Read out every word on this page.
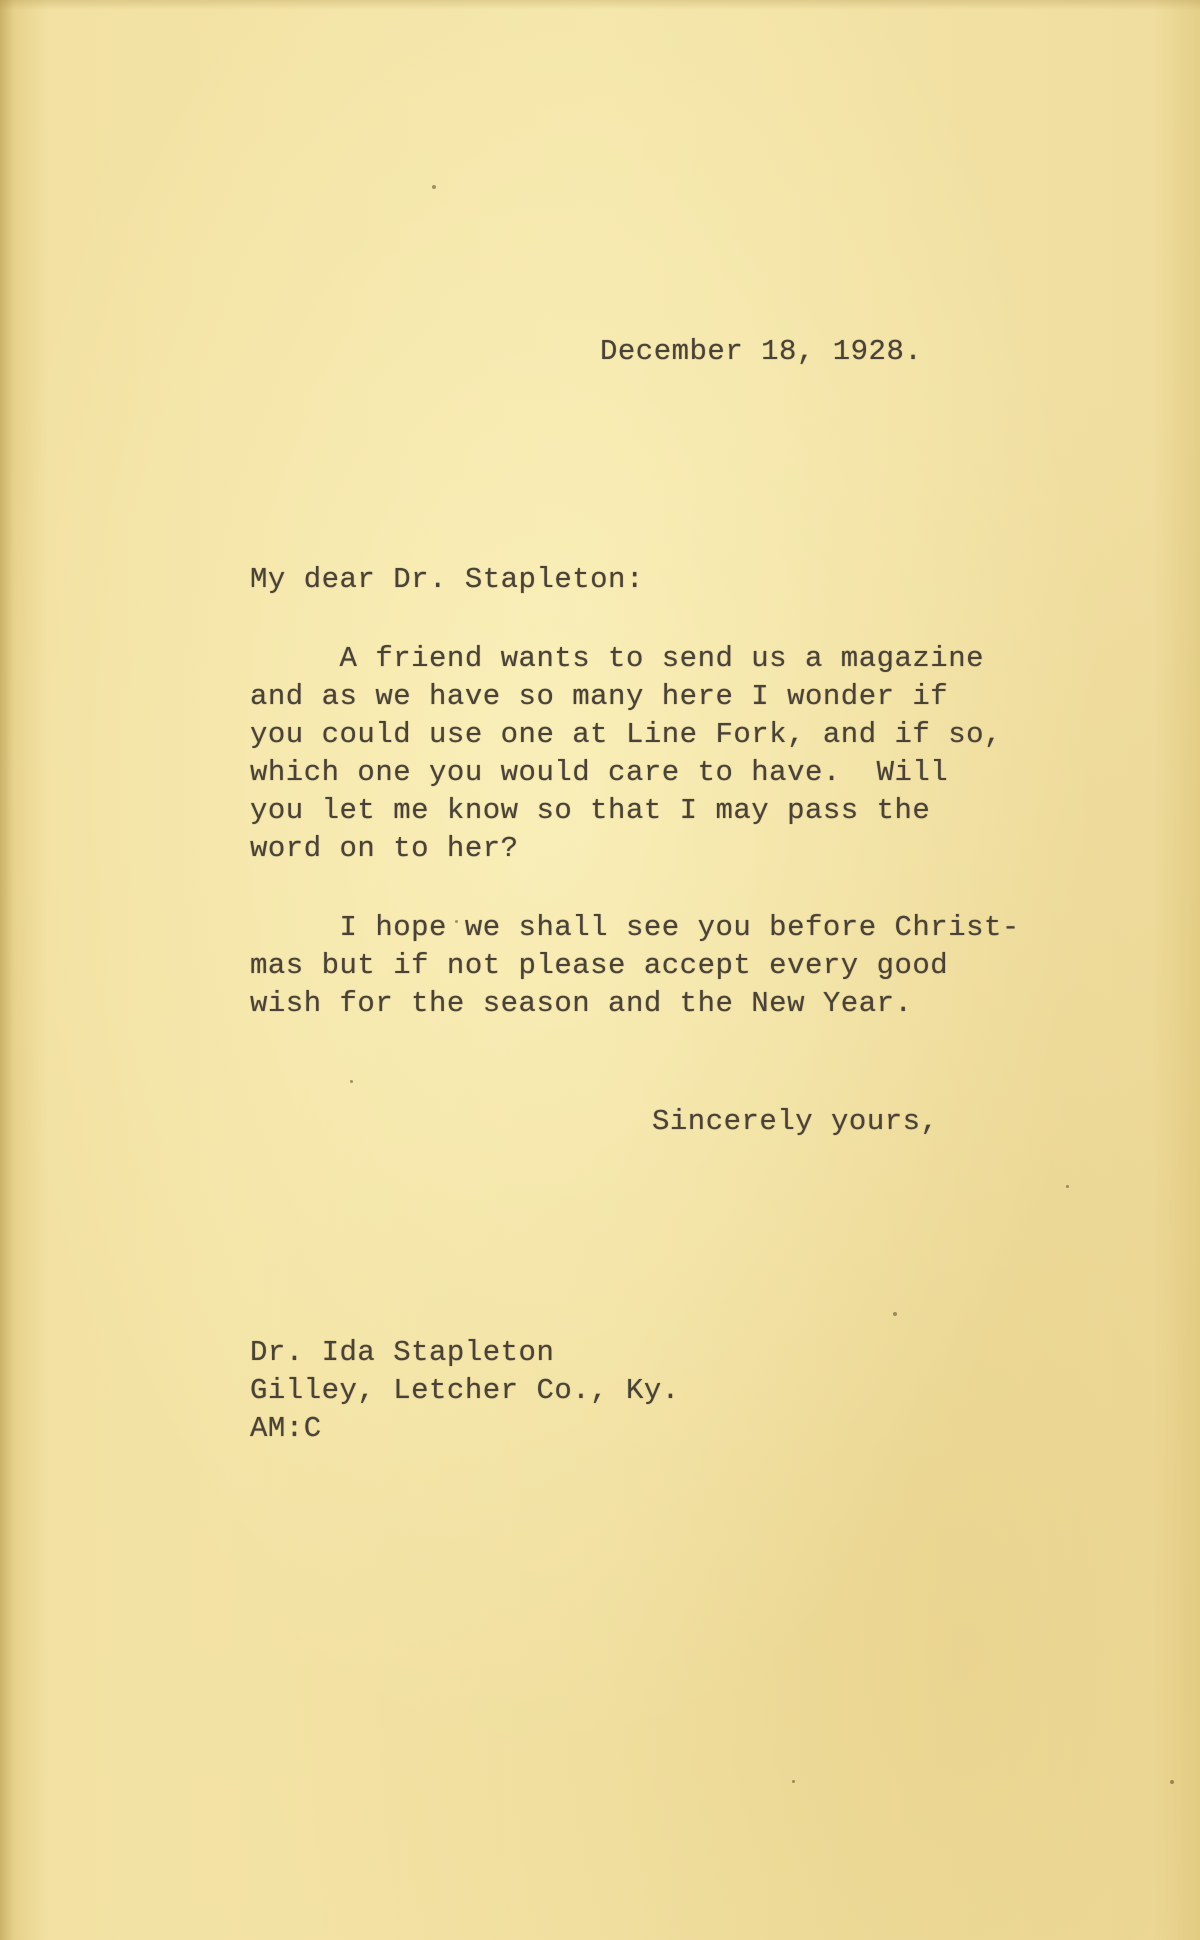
December 18, 1928.

My dear Dr. Stapleton:

A friend wants to send us a magazine
and as we have so many here I wonder if
you could use one at Line Fork, and if so,
which one you would care to have.  Will
you let me know so that I may pass the
word on to her?
I hope we shall see you before Christ-
mas but if not please accept every good
wish for the season and the New Year.

Sincerely yours,

Dr. Ida Stapleton
Gilley, Letcher Co., Ky.
AM:C
